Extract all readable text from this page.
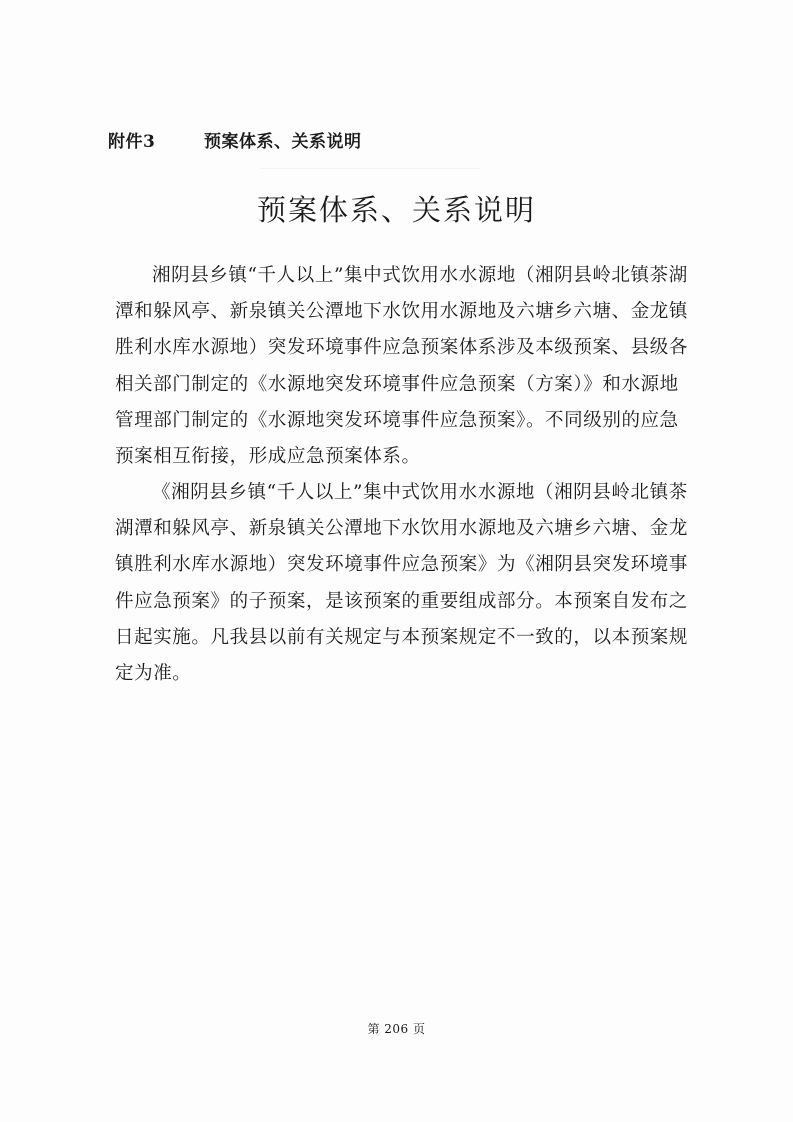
附件3	预案体系、关系说明
预案体系、关系说明

湘阴县乡镇“千人以上”集中式饮用水水源地（湘阴县岭北镇茶湖潭和躲风亭、新泉镇关公潭地下水饮用水源地及六塘乡六塘、金龙镇胜利水库水源地）突发环境事件应急预案体系涉及本级预案、县级各相关部门制定的《水源地突发环境事件应急预案（方案）》和水源地管理部门制定的《水源地突发环境事件应急预案》。不同级别的应急预案相互衔接，形成应急预案体系。

《湘阴县乡镇“千人以上”集中式饮用水水源地（湘阴县岭北镇茶湖潭和躲风亭、新泉镇关公潭地下水饮用水源地及六塘乡六塘、金龙镇胜利水库水源地）突发环境事件应急预案》为《湘阴县突发环境事件应急预案》的子预案，是该预案的重要组成部分。本预案自发布之日起实施。凡我县以前有关规定与本预案规定不一致的，以本预案规定为准。

第 206 页
